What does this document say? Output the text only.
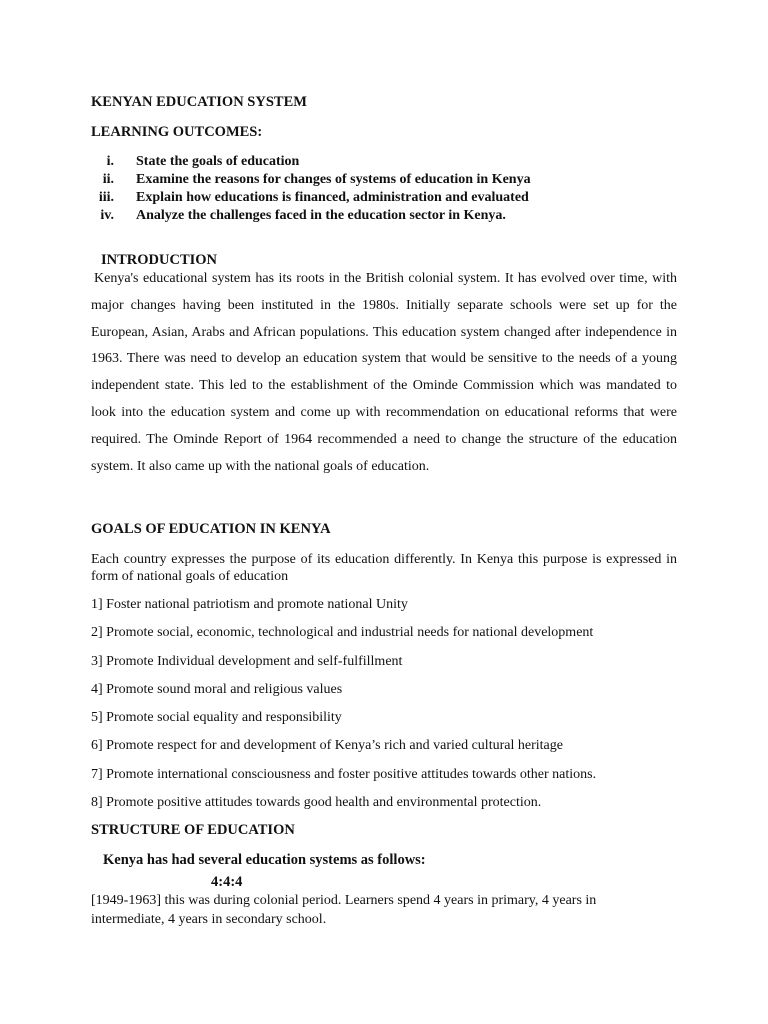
KENYAN EDUCATION SYSTEM
LEARNING OUTCOMES:
i. State the goals of education
ii. Examine the reasons for changes of systems of education in Kenya
iii. Explain how educations is financed, administration and evaluated
iv. Analyze the challenges faced in the education sector in Kenya.
INTRODUCTION

Kenya's educational system has its roots in the British colonial system. It has evolved over time, with major changes having been instituted in the 1980s. Initially separate schools were set up for the European, Asian, Arabs and African populations. This education system changed after independence in 1963. There was need to develop an education system that would be sensitive to the needs of a young independent state. This led to the establishment of the Ominde Commission which was mandated to look into the education system and come up with recommendation on educational reforms that were required. The Ominde Report of 1964 recommended a need to change the structure of the education system. It also came up with the national goals of education.

GOALS OF EDUCATION IN KENYA

Each country expresses the purpose of its education differently. In Kenya this purpose is expressed in form of national goals of education

1] Foster national patriotism and promote national Unity
2] Promote social, economic, technological and industrial needs for national development
3] Promote Individual development and self-fulfillment
4] Promote sound moral and religious values
5] Promote social equality and responsibility
6] Promote respect for and development of Kenya’s rich and varied cultural heritage
7] Promote international consciousness and foster positive attitudes towards other nations.
8] Promote positive attitudes towards good health and environmental protection.
STRUCTURE OF EDUCATION
Kenya has had several education systems as follows:
4:4:4

[1949-1963] this was during colonial period. Learners spend 4 years in primary, 4 years in intermediate, 4 years in secondary school.
